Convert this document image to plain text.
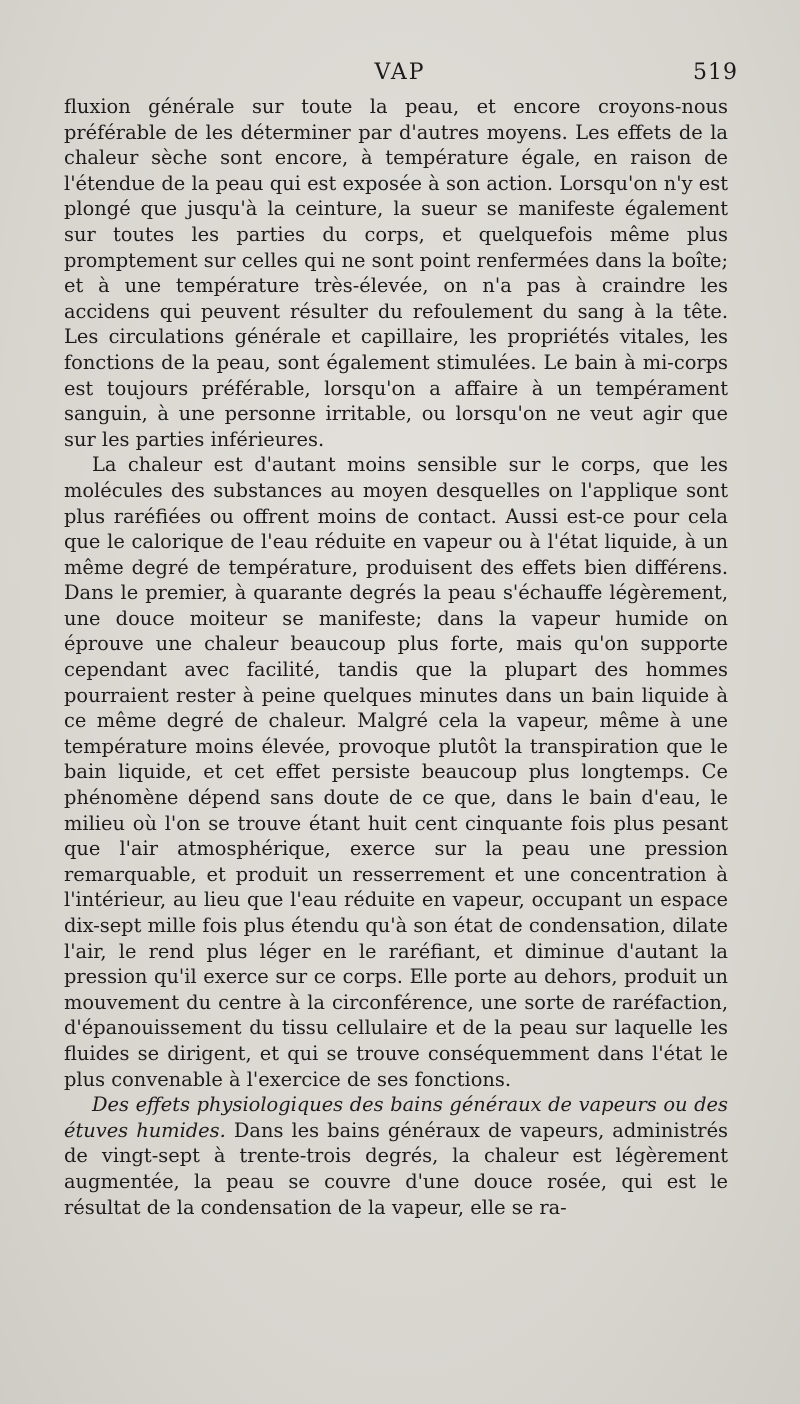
VAP	519

fluxion générale sur toute la peau, et encore croyons-nous préférable de les déterminer par d'autres moyens. Les effets de la chaleur sèche sont encore, à température égale, en raison de l'étendue de la peau qui est exposée à son action. Lorsqu'on n'y est plongé que jusqu'à la ceinture, la sueur se manifeste également sur toutes les parties du corps, et quelquefois même plus promptement sur celles qui ne sont point renfermées dans la boîte; et à une température très-élevée, on n'a pas à craindre les accidens qui peuvent résulter du refoulement du sang à la tête. Les circulations générale et capillaire, les propriétés vitales, les fonctions de la peau, sont également stimulées. Le bain à mi-corps est toujours préférable, lorsqu'on a affaire à un tempérament sanguin, à une personne irritable, ou lorsqu'on ne veut agir que sur les parties inférieures.

La chaleur est d'autant moins sensible sur le corps, que les molécules des substances au moyen desquelles on l'applique sont plus raréfiées ou offrent moins de contact. Aussi est-ce pour cela que le calorique de l'eau réduite en vapeur ou à l'état liquide, à un même degré de température, produisent des effets bien différens. Dans le premier, à quarante degrés la peau s'échauffe légèrement, une douce moiteur se manifeste; dans la vapeur humide on éprouve une chaleur beaucoup plus forte, mais qu'on supporte cependant avec facilité, tandis que la plupart des hommes pourraient rester à peine quelques minutes dans un bain liquide à ce même degré de chaleur. Malgré cela la vapeur, même à une température moins élevée, provoque plutôt la transpiration que le bain liquide, et cet effet persiste beaucoup plus longtemps. Ce phénomène dépend sans doute de ce que, dans le bain d'eau, le milieu où l'on se trouve étant huit cent cinquante fois plus pesant que l'air atmosphérique, exerce sur la peau une pression remarquable, et produit un resserrement et une concentration à l'intérieur, au lieu que l'eau réduite en vapeur, occupant un espace dix-sept mille fois plus étendu qu'à son état de condensation, dilate l'air, le rend plus léger en le raréfiant, et diminue d'autant la pression qu'il exerce sur ce corps. Elle porte au dehors, produit un mouvement du centre à la circonférence, une sorte de raréfaction, d'épanouissement du tissu cellulaire et de la peau sur laquelle les fluides se dirigent, et qui se trouve conséquemment dans l'état le plus convenable à l'exercice de ses fonctions.

Des effets physiologiques des bains généraux de vapeurs ou des étuves humides. Dans les bains généraux de vapeurs, administrés de vingt-sept à trente-trois degrés, la chaleur est légèrement augmentée, la peau se couvre d'une douce rosée, qui est le résultat de la condensation de la vapeur, elle se ra-
